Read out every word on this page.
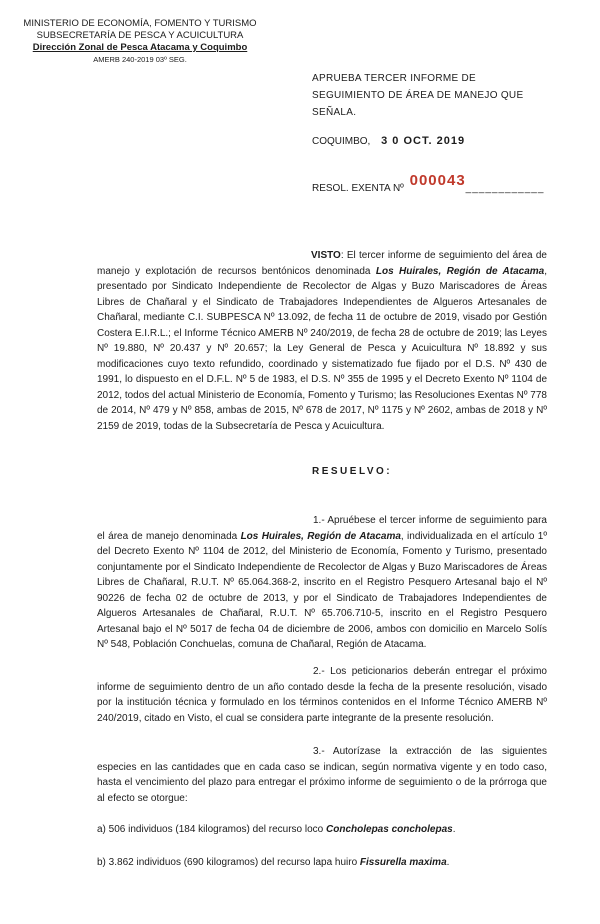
MINISTERIO DE ECONOMÍA, FOMENTO Y TURISMO
SUBSECRETARÍA DE PESCA Y ACUICULTURA
Dirección Zonal de Pesca Atacama y Coquimbo
AMERB 240-2019 03º SEG.
APRUEBA TERCER INFORME DE SEGUIMIENTO DE ÁREA DE MANEJO QUE SEÑALA.
COQUIMBO, 3 0 OCT. 2019
RESOL. EXENTA Nº 000043____________
VISTO: El tercer informe de seguimiento del área de manejo y explotación de recursos bentónicos denominada Los Huirales, Región de Atacama, presentado por Sindicato Independiente de Recolector de Algas y Buzo Mariscadores de Áreas Libres de Chañaral y el Sindicato de Trabajadores Independientes de Algueros Artesanales de Chañaral, mediante C.I. SUBPESCA Nº 13.092, de fecha 11 de octubre de 2019, visado por Gestión Costera E.I.R.L.; el Informe Técnico AMERB Nº 240/2019, de fecha 28 de octubre de 2019; las Leyes Nº 19.880, Nº 20.437 y Nº 20.657; la Ley General de Pesca y Acuicultura Nº 18.892 y sus modificaciones cuyo texto refundido, coordinado y sistematizado fue fijado por el D.S. Nº 430 de 1991, lo dispuesto en el D.F.L. Nº 5 de 1983, el D.S. Nº 355 de 1995 y el Decreto Exento Nº 1104 de 2012, todos del actual Ministerio de Economía, Fomento y Turismo; las Resoluciones Exentas Nº 778 de 2014, Nº 479 y Nº 858, ambas de 2015, Nº 678 de 2017, Nº 1175 y Nº 2602, ambas de 2018 y Nº 2159 de 2019, todas de la Subsecretaría de Pesca y Acuicultura.
RESUELVO:
1.- Apruébese el tercer informe de seguimiento para el área de manejo denominada Los Huirales, Región de Atacama, individualizada en el artículo 1º del Decreto Exento Nº 1104 de 2012, del Ministerio de Economía, Fomento y Turismo, presentado conjuntamente por el Sindicato Independiente de Recolector de Algas y Buzo Mariscadores de Áreas Libres de Chañaral, R.U.T. Nº 65.064.368-2, inscrito en el Registro Pesquero Artesanal bajo el Nº 90226 de fecha 02 de octubre de 2013, y por el Sindicato de Trabajadores Independientes de Algueros Artesanales de Chañaral, R.U.T. Nº 65.706.710-5, inscrito en el Registro Pesquero Artesanal bajo el Nº 5017 de fecha 04 de diciembre de 2006, ambos con domicilio en Marcelo Solís Nº 548, Población Conchuelas, comuna de Chañaral, Región de Atacama.
2.- Los peticionarios deberán entregar el próximo informe de seguimiento dentro de un año contado desde la fecha de la presente resolución, visado por la institución técnica y formulado en los términos contenidos en el Informe Técnico AMERB Nº 240/2019, citado en Visto, el cual se considera parte integrante de la presente resolución.
3.- Autorízase la extracción de las siguientes especies en las cantidades que en cada caso se indican, según normativa vigente y en todo caso, hasta el vencimiento del plazo para entregar el próximo informe de seguimiento o de la prórroga que al efecto se otorgue:
a) 506 individuos (184 kilogramos) del recurso loco Concholepas concholepas.
b) 3.862 individuos (690 kilogramos) del recurso lapa huiro Fissurella maxima.
